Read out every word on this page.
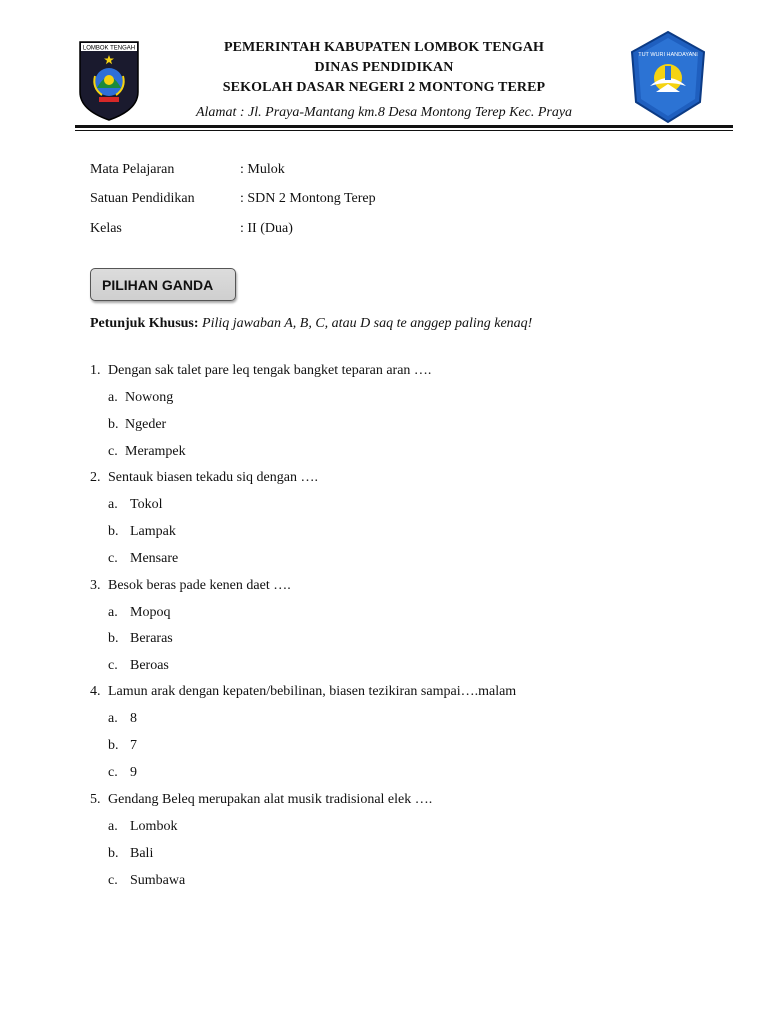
LOMBOK TENGAH
TUT WURI HANDAYANI
PEMERINTAH KABUPATEN LOMBOK TENGAH
DINAS PENDIDIKAN
SEKOLAH DASAR NEGERI 2 MONTONG TEREP
Alamat : Jl. Praya-Mantang km.8 Desa Montong Terep Kec. Praya
Mata Pelajaran	: Mulok
Satuan Pendidikan	: SDN 2 Montong Terep
Kelas	: II (Dua)
PILIHAN GANDA
Petunjuk Khusus: Piliq jawaban A, B, C, atau D saq te anggep paling kenaq!
1. Dengan sak talet pare leq tengak bangket teparan aran ….
a. Nowong
b. Ngeder
c. Merampek
2. Sentauk biasen tekadu siq dengan ….
a. Tokol
b. Lampak
c. Mensare
3. Besok beras pade kenen daet ….
a. Mopoq
b. Beraras
c. Beroas
4. Lamun arak dengan kepaten/bebilinan, biasen tezikiran sampai….malam
a. 8
b. 7
c. 9
5. Gendang Beleq merupakan alat musik tradisional elek ….
a. Lombok
b. Bali
c. Sumbawa
